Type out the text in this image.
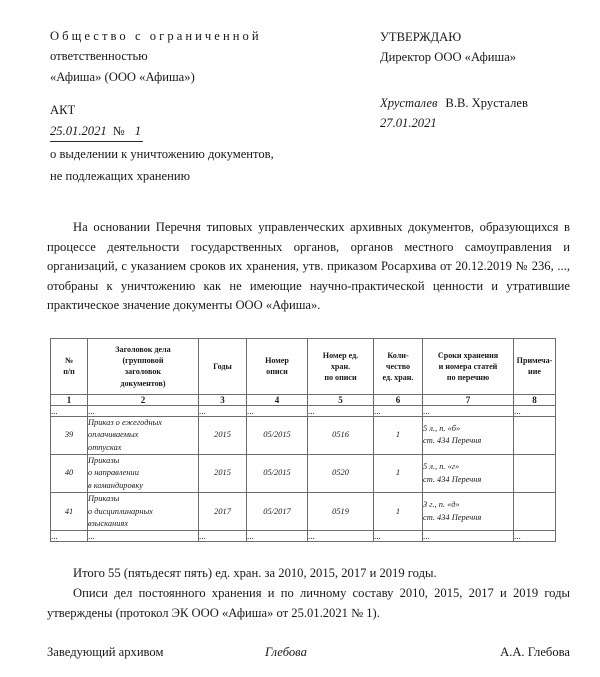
Общество с ограниченной
ответственностью
«Афиша» (ООО «Афиша»)
АКТ
25.01.2021 № 1
о выделении к уничтожению документов,
не подлежащих хранению
УТВЕРЖДАЮ
Директор ООО «Афиша»
Хрусталев В.В. Хрусталев
27.01.2021
На основании Перечня типовых управленческих архивных документов, образующихся в процессе деятельности государственных органов, органов местного самоуправления и организаций, с указанием сроков их хранения, утв. приказом Росархива от 20.12.2019 № 236, ..., отобраны к уничтожению как не имеющие научно-практической ценности и утратившие практическое значение документы ООО «Афиша».
№
п/п	Заголовок дела
(групповой
заголовок
документов)	Годы	Номер
описи	Номер ед.
хран.
по описи	Коли-
чество
ед. хран.	Сроки хранения
и номера статей
по перечню	Примеча-
ние
1	2	3	4	5	6	7	8
...	...	...	...	...	...	...	...
39	Приказ о ежегодных
оплачиваемых
отпусках	2015	05/2015	0516	1	5 л., п. «б»
ст. 434 Перечня	
40	Приказы
о направлении
в командировку	2015	05/2015	0520	1	5 л., п. «г»
ст. 434 Перечня	
41	Приказы
о дисциплинарных
взысканиях	2017	05/2017	0519	1	3 г., п. «д»
ст. 434 Перечня	
...	...	...	...	...	...	...	...

Итого 55 (пятьдесят пять) ед. хран. за 2010, 2015, 2017 и 2019 годы.

Описи дел постоянного хранения и по личному составу 2010, 2015, 2017 и 2019 годы утверждены (протокол ЭК ООО «Афиша» от 25.01.2021 № 1).

Заведующий архивом	Глебова	А.А. Глебова
